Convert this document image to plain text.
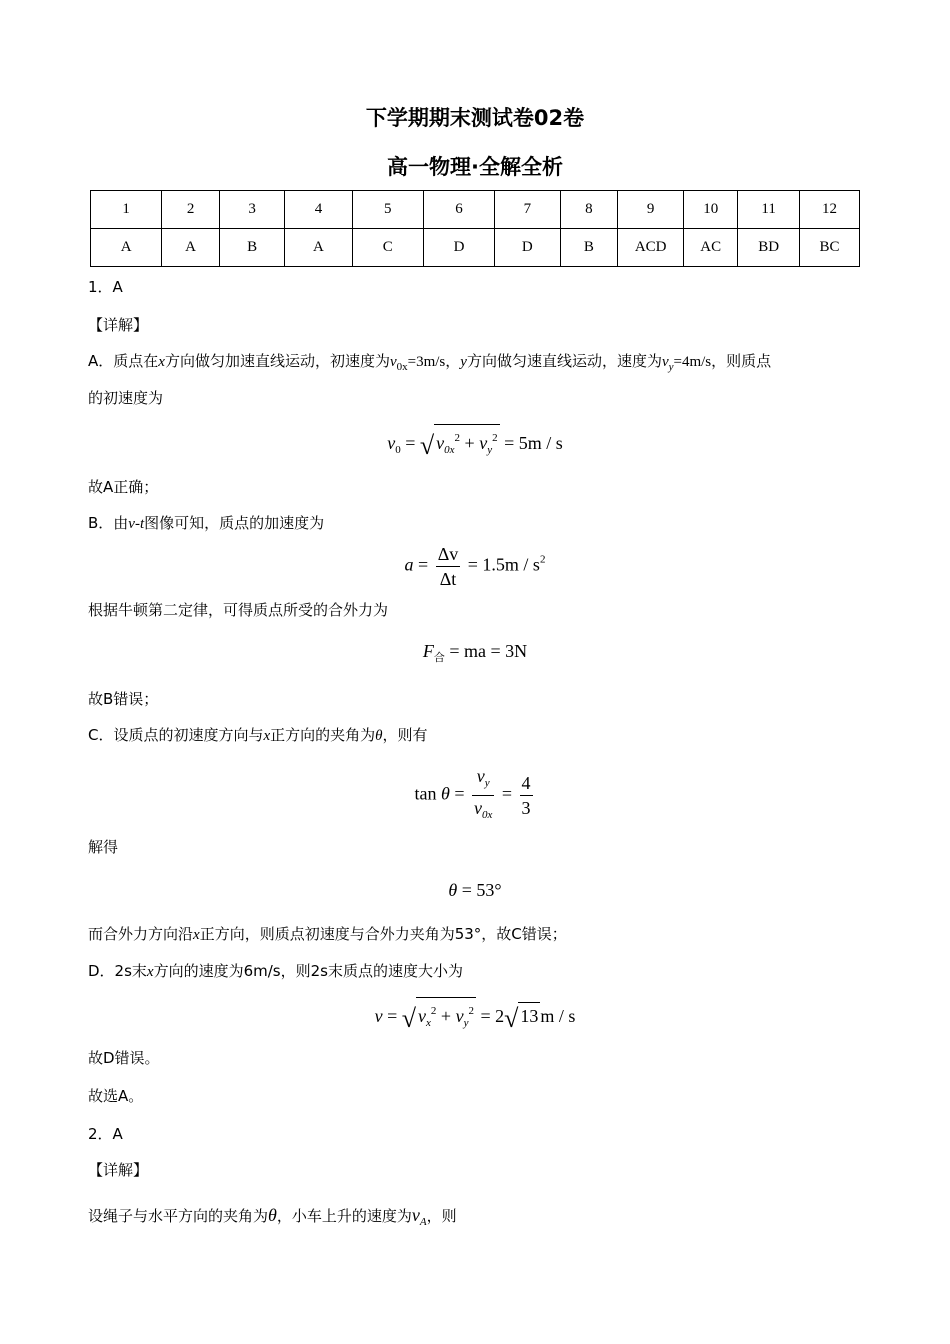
下学期期末测试卷02卷
高一物理·全解全析
1	2	3	4	5	6	7	8	9	10	11	12
A	A	B	A	C	D	D	B	ACD	AC	BD	BC
1．A
【详解】
A．质点在x方向做匀加速直线运动，初速度为$v_{0x}=3m/s$，y方向做匀速直线运动，速度为$v_y=4m/s$，则质点
的初速度为
$v_0$ = √ $v_{0x}^2 + v_y^2 = 5m / s$
故A正确；
B．由v-t图像可知，质点的加速度为
$a = \frac{\Delta v}{\Delta t} = 1.5m / s^2$
根据牛顿第二定律，可得质点所受的合外力为
$F_合$ = ma = 3N
故B错误；
C．设质点的初速度方向与x正方向的夹角为θ，则有
$\tan \theta = \frac{v_y}{v_{0x}} = \frac{4}{3}$
解得
θ = 53°
而合外力方向沿x正方向，则质点初速度与合外力夹角为53°，故C错误；
D．2s末x方向的速度为6m/s，则2s末质点的速度大小为
v = √ $v_x^2 + v_y^2 = 2√$ 13 m / s
故D错误。
故选A。
2．A
【详解】
设绳子与水平方向的夹角为θ，小车上升的速度为$v_A$，则
